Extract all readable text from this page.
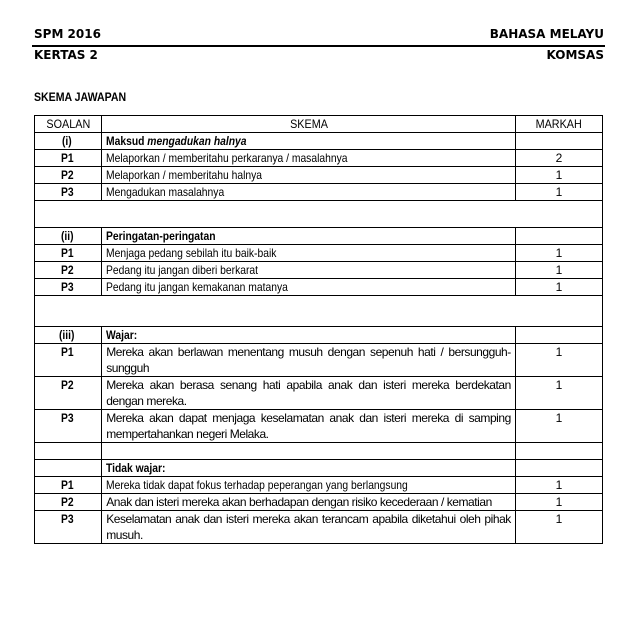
SPM 2016	BAHASA MELAYU
KERTAS 2	KOMSAS
SKEMA JAWAPAN
SOALAN	SKEMA	MARKAH
(i)	Maksud mengadukan halnya	
P1	Melaporkan / memberitahu perkaranya / masalahnya	2
P2	Melaporkan / memberitahu halnya	1
P3	Mengadukan masalahnya	1

(ii)	Peringatan-peringatan	
P1	Menjaga pedang sebilah itu baik-baik	1
P2	Pedang itu jangan diberi berkarat	1
P3	Pedang itu jangan kemakanan matanya	1

(iii)	Wajar:	
P1	Mereka akan berlawan menentang musuh dengan sepenuh hati / bersungguh-sungguh	1
P2	Mereka akan berasa senang hati apabila anak dan isteri mereka berdekatan dengan mereka.	1
P3	Mereka akan dapat menjaga keselamatan anak dan isteri mereka di samping mempertahankan negeri Melaka.	1

	Tidak wajar:	
P1	Mereka tidak dapat fokus terhadap peperangan yang berlangsung	1
P2	Anak dan isteri mereka akan berhadapan dengan risiko kecederaan / kematian	1
P3	Keselamatan anak dan isteri mereka akan terancam apabila diketahui oleh pihak musuh.	1
